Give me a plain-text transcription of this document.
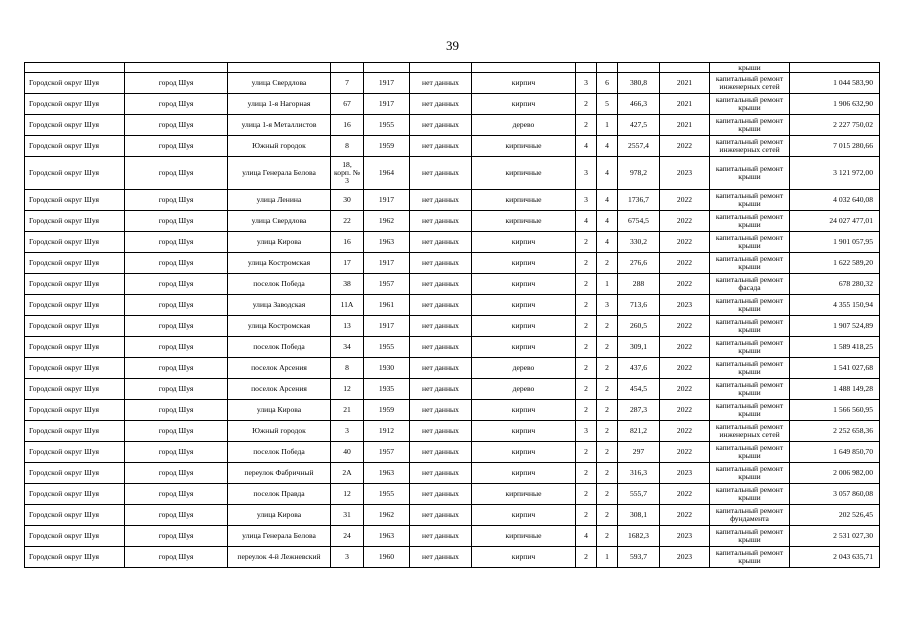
39
											крыши	
Городской округ Шуя	город Шуя	улица Свердлова	7	1917	нет данных	кирпич	3	6	380,8	2021	капитальный ремонт инженерных сетей	1 044 583,90
Городской округ Шуя	город Шуя	улица 1-я Нагорная	67	1917	нет данных	кирпич	2	5	466,3	2021	капитальный ремонт крыши	1 906 632,90
Городской округ Шуя	город Шуя	улица 1-я Металлистов	16	1955	нет данных	дерево	2	1	427,5	2021	капитальный ремонт крыши	2 227 750,02
Городской округ Шуя	город Шуя	Южный городок	8	1959	нет данных	кирпичные	4	4	2557,4	2022	капитальный ремонт инженерных сетей	7 015 280,66
Городской округ Шуя	город Шуя	улица Генерала Белова	18, корп. № 3	1964	нет данных	кирпичные	3	4	978,2	2023	капитальный ремонт крыши	3 121 972,00
Городской округ Шуя	город Шуя	улица Ленина	30	1917	нет данных	кирпичные	3	4	1736,7	2022	капитальный ремонт крыши	4 032 640,08
Городской округ Шуя	город Шуя	улица Свердлова	22	1962	нет данных	кирпичные	4	4	6754,5	2022	капитальный ремонт крыши	24 027 477,01
Городской округ Шуя	город Шуя	улица Кирова	16	1963	нет данных	кирпич	2	4	330,2	2022	капитальный ремонт крыши	1 901 057,95
Городской округ Шуя	город Шуя	улица Костромская	17	1917	нет данных	кирпич	2	2	276,6	2022	капитальный ремонт крыши	1 622 589,20
Городской округ Шуя	город Шуя	поселок Победа	38	1957	нет данных	кирпич	2	1	288	2022	капитальный ремонт фасада	678 280,32
Городской округ Шуя	город Шуя	улица Заводская	11А	1961	нет данных	кирпич	2	3	713,6	2023	капитальный ремонт крыши	4 355 150,94
Городской округ Шуя	город Шуя	улица Костромская	13	1917	нет данных	кирпич	2	2	260,5	2022	капитальный ремонт крыши	1 907 524,89
Городской округ Шуя	город Шуя	поселок Победа	34	1955	нет данных	кирпич	2	2	309,1	2022	капитальный ремонт крыши	1 589 418,25
Городской округ Шуя	город Шуя	поселок Арсения	8	1930	нет данных	дерево	2	2	437,6	2022	капитальный ремонт крыши	1 541 027,68
Городской округ Шуя	город Шуя	поселок Арсения	12	1935	нет данных	дерево	2	2	454,5	2022	капитальный ремонт крыши	1 488 149,28
Городской округ Шуя	город Шуя	улица Кирова	21	1959	нет данных	кирпич	2	2	287,3	2022	капитальный ремонт крыши	1 566 560,95
Городской округ Шуя	город Шуя	Южный городок	3	1912	нет данных	кирпич	3	2	821,2	2022	капитальный ремонт инженерных сетей	2 252 658,36
Городской округ Шуя	город Шуя	поселок Победа	40	1957	нет данных	кирпич	2	2	297	2022	капитальный ремонт крыши	1 649 850,70
Городской округ Шуя	город Шуя	переулок Фабричный	2А	1963	нет данных	кирпич	2	2	316,3	2023	капитальный ремонт крыши	2 006 982,00
Городской округ Шуя	город Шуя	поселок Правда	12	1955	нет данных	кирпичные	2	2	555,7	2022	капитальный ремонт крыши	3 057 860,08
Городской округ Шуя	город Шуя	улица Кирова	31	1962	нет данных	кирпич	2	2	308,1	2022	капитальный ремонт фундамента	202 526,45
Городской округ Шуя	город Шуя	улица Генерала Белова	24	1963	нет данных	кирпичные	4	2	1682,3	2023	капитальный ремонт крыши	2 531 027,30
Городской округ Шуя	город Шуя	переулок 4-й Лежневский	3	1960	нет данных	кирпич	2	1	593,7	2023	капитальный ремонт крыши	2 043 635,71
